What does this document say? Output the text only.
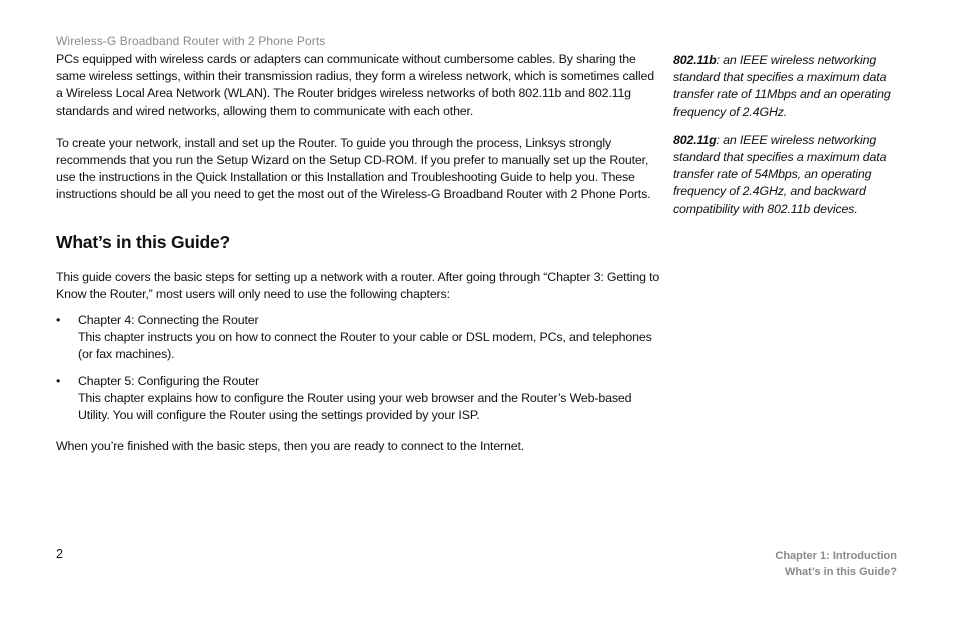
Wireless-G Broadband Router with 2 Phone Ports

PCs equipped with wireless cards or adapters can communicate without cumbersome cables. By sharing the same wireless settings, within their transmission radius, they form a wireless network, which is sometimes called a Wireless Local Area Network (WLAN). The Router bridges wireless networks of both 802.11b and 802.11g standards and wired networks, allowing them to communicate with each other.

To create your network, install and set up the Router. To guide you through the process, Linksys strongly recommends that you run the Setup Wizard on the Setup CD-ROM. If you prefer to manually set up the Router, use the instructions in the Quick Installation or this Installation and Troubleshooting Guide to help you. These instructions should be all you need to get the most out of the Wireless-G Broadband Router with 2 Phone Ports.

What’s in this Guide?

This guide covers the basic steps for setting up a network with a router. After going through “Chapter 3: Getting to Know the Router,” most users will only need to use the following chapters:

• Chapter 4: Connecting the Router
This chapter instructs you on how to connect the Router to your cable or DSL modem, PCs, and telephones (or fax machines).
• Chapter 5: Configuring the Router
This chapter explains how to configure the Router using your web browser and the Router’s Web-based Utility. You will configure the Router using the settings provided by your ISP.

When you’re finished with the basic steps, then you are ready to connect to the Internet.

802.11b: an IEEE wireless networking standard that specifies a maximum data transfer rate of 11Mbps and an operating frequency of 2.4GHz.

802.11g: an IEEE wireless networking standard that specifies a maximum data transfer rate of 54Mbps, an operating frequency of 2.4GHz, and backward compatibility with 802.11b devices.

2	Chapter 1: Introduction
What’s in this Guide?
